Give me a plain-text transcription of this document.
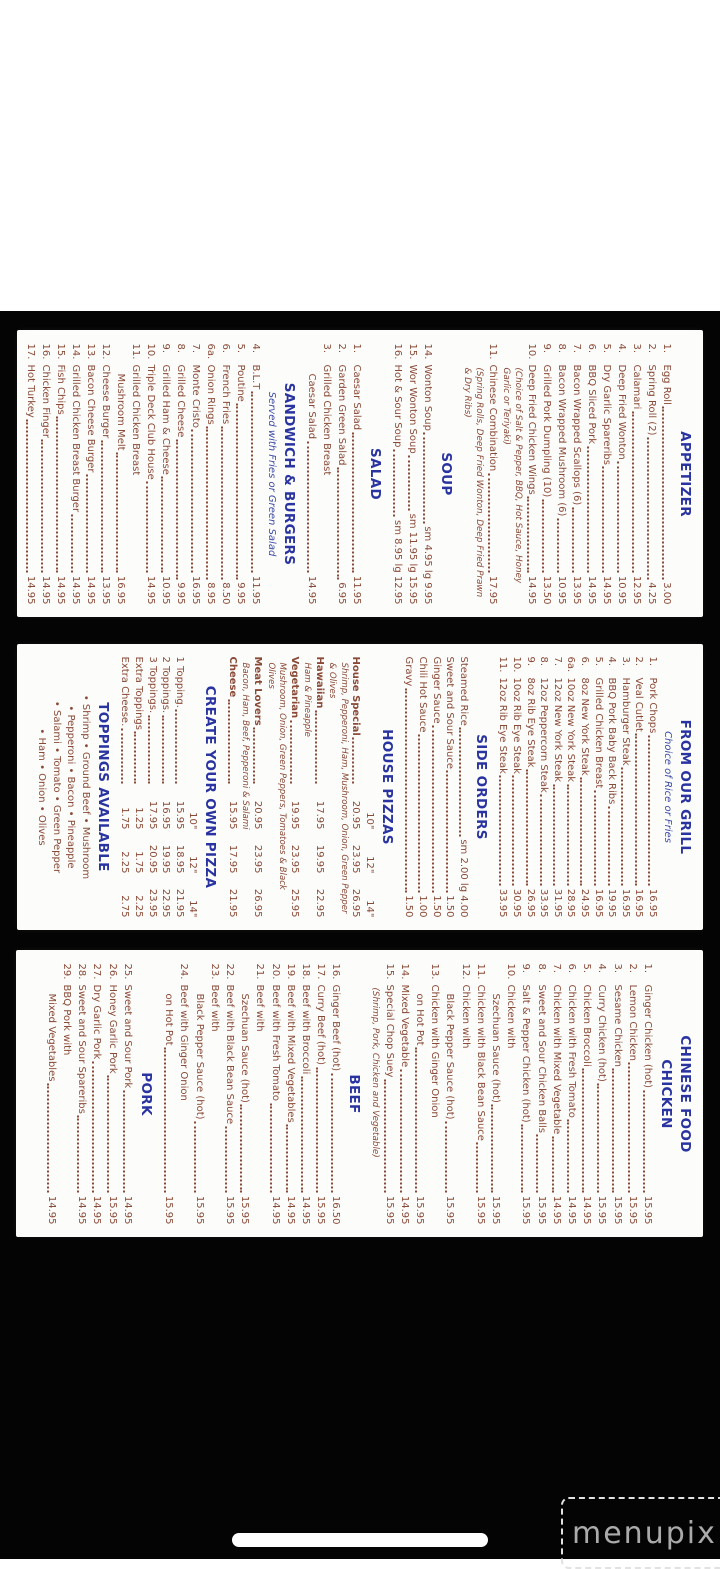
APPETIZER
1.
Egg Roll
3.00
2.
Spring Roll (2)
4.25
3.
Calamari
12.95
4.
Deep Fried Wonton
10.95
5.
Dry Garlic Spareribs
14.95
6.
BBQ Sliced Pork
14.95
7.
Bacon Wrapped Scallops (6)
13.95
8.
Bacon Wrapped Mushroom (6)
10.95
9.
Grilled Pork Dumpling (10)
13.50
10.
Deep Fried Chicken Wings
14.95
(Choice of Salt & Pepper, BBQ, Hot Sauce, Honey Garlic or Teriyaki)
11.
Chinese Combination
17.95
(Spring Rolls, Deep Fried Wonton, Deep Fried Prawn & Dry Ribs)
SOUP
14.
Wonton Soup
sm 4.95 lg 9.95
15.
Wor Wonton Soup
sm 11.95 lg 15.95
16.
Hot & Sour Soup
sm 8.95 lg 12.95
SALAD
1.
Caesar Salad
11.95
2.
Garden Green Salad
6.95
3.
Grilled Chicken Breast
Caesar Salad
14.95
SANDWICH & BURGERS
Served with Fries or Green Salad
4.
B.L.T
11.95
5.
Poutine
9.95
6.
French Fries
8.50
6a.
Onion Rings
8.95
7.
Monte Cristo
16.95
8.
Grilled Cheese
9.95
9.
Grilled Ham & Cheese
10.95
10.
Triple Deck Club House
14.95
11.
Grilled Chicken Breast
Mushroom Melt
16.95
12.
Cheese Burger
13.95
13.
Bacon Cheese Burger
14.95
14.
Grilled Chicken Breast Burger
14.95
15.
Fish Chips
14.95
16.
Chicken Finger
14.95
17.
Hot Turkey
14.95
FROM OUR GRILL
Choice of Rice or Fries
1.
Pork Chops
16.95
2.
Veal Cutlet
16.95
3.
Hamburger Steak
16.95
4.
BBQ Pork Baby Back Ribs
19.95
5.
Grilled Chicken Breast
16.95
6.
8oz New York Steak
24.95
6a.
10oz New York Steak
28.95
7.
12oz New York Steak
31.95
8.
12oz Peppercorn Steak
33.95
9.
8oz Rib Eye Steak
26.95
10.
10oz Rib Eye Steak
30.95
11.
12oz Rib Eye Steak
33.95
SIDE ORDERS
Steamed Rice
sm 2.00 lg 4.00
Sweet and Sour Sauce
1.50
Ginger Sauce
1.50
Chili Hot Sauce
1.00
Gravy
1.50
HOUSE PIZZAS
10"
12"
14"
House Special
20.95
23.95
26.95
Shrimp, Pepperoni, Ham, Mushroom, Onion, Green Pepper & Olives
Hawaiian
17.95
19.95
22.95
Ham & Pineapple
Vegetarian
19.95
23.95
25.95
Mushroom, Onion, Green Peppers, Tomatoes & Black Olives
Meat Lovers
20.95
23.95
26.95
Bacon, Ham, Beef, Pepperoni & Salami
Cheese
15.95
17.95
21.95
CREATE YOUR OWN PIZZA
10"
12"
14"
1 Topping.
15.95
18.95
21.95
2 Toppings.
16.95
19.95
22.95
3 Toppings.
17.95
20.95
23.95
Extra Toppings
1.25
1.75
2.25
Extra Cheese.
1.75
2.25
2.75
TOPPINGS AVAILABLE
• Shrimp • Ground Beef • Mushroom
• Pepperoni • Bacon • Pineapple
• Salami • Tomato • Green Pepper
• Ham • Onion • Olives
CHINESE FOOD
CHICKEN
1.
Ginger Chicken (hot)
15.95
2.
Lemon Chicken
15.95
3.
Sesame Chicken
15.95
4.
Curry Chicken (hot)
15.95
5.
Chicken Broccoli
14.95
6.
Chicken with Fresh Tomato
14.95
7.
Chicken with Mixed Vegetable
14.95
8.
Sweet and Sour Chicken Balls
15.95
9.
Salt & Pepper Chicken (hot)
15.95
10.
Chicken with
Szechuan Sauce (hot)
15.95
11.
Chicken with Black Bean Sauce
15.95
12.
Chicken with
Black Pepper Sauce (hot)
15.95
13.
Chicken with Ginger Onion
on Hot Pot
15.95
14.
Mixed Vegetable
14.95
15.
Special Chop Suey
15.95
(Shrimp, Pork, Chicken and Vegetable)
BEEF
16.
Ginger Beef (hot)
16.50
17.
Curry Beef (hot)
15.95
18.
Beef with Broccoli
14.95
19.
Beef with Mixed Vegetables
14.95
20.
Beef with Fresh Tomato
14.95
21.
Beef with
Szechuan Sauce (hot)
15.95
22.
Beef with Black Bean Sauce
15.95
23.
Beef with
Black Pepper Sauce (hot)
15.95
24.
Beef with Ginger Onion
on Hot Pot
15.95
PORK
25.
Sweet and Sour Pork
14.95
26.
Honey Garlic Pork
15.95
27.
Dry Garlic Pork
14.95
28.
Sweet and Sour Spareribs
14.95
29.
BBQ Pork with
Mixed Vegetables
14.95
menupix
